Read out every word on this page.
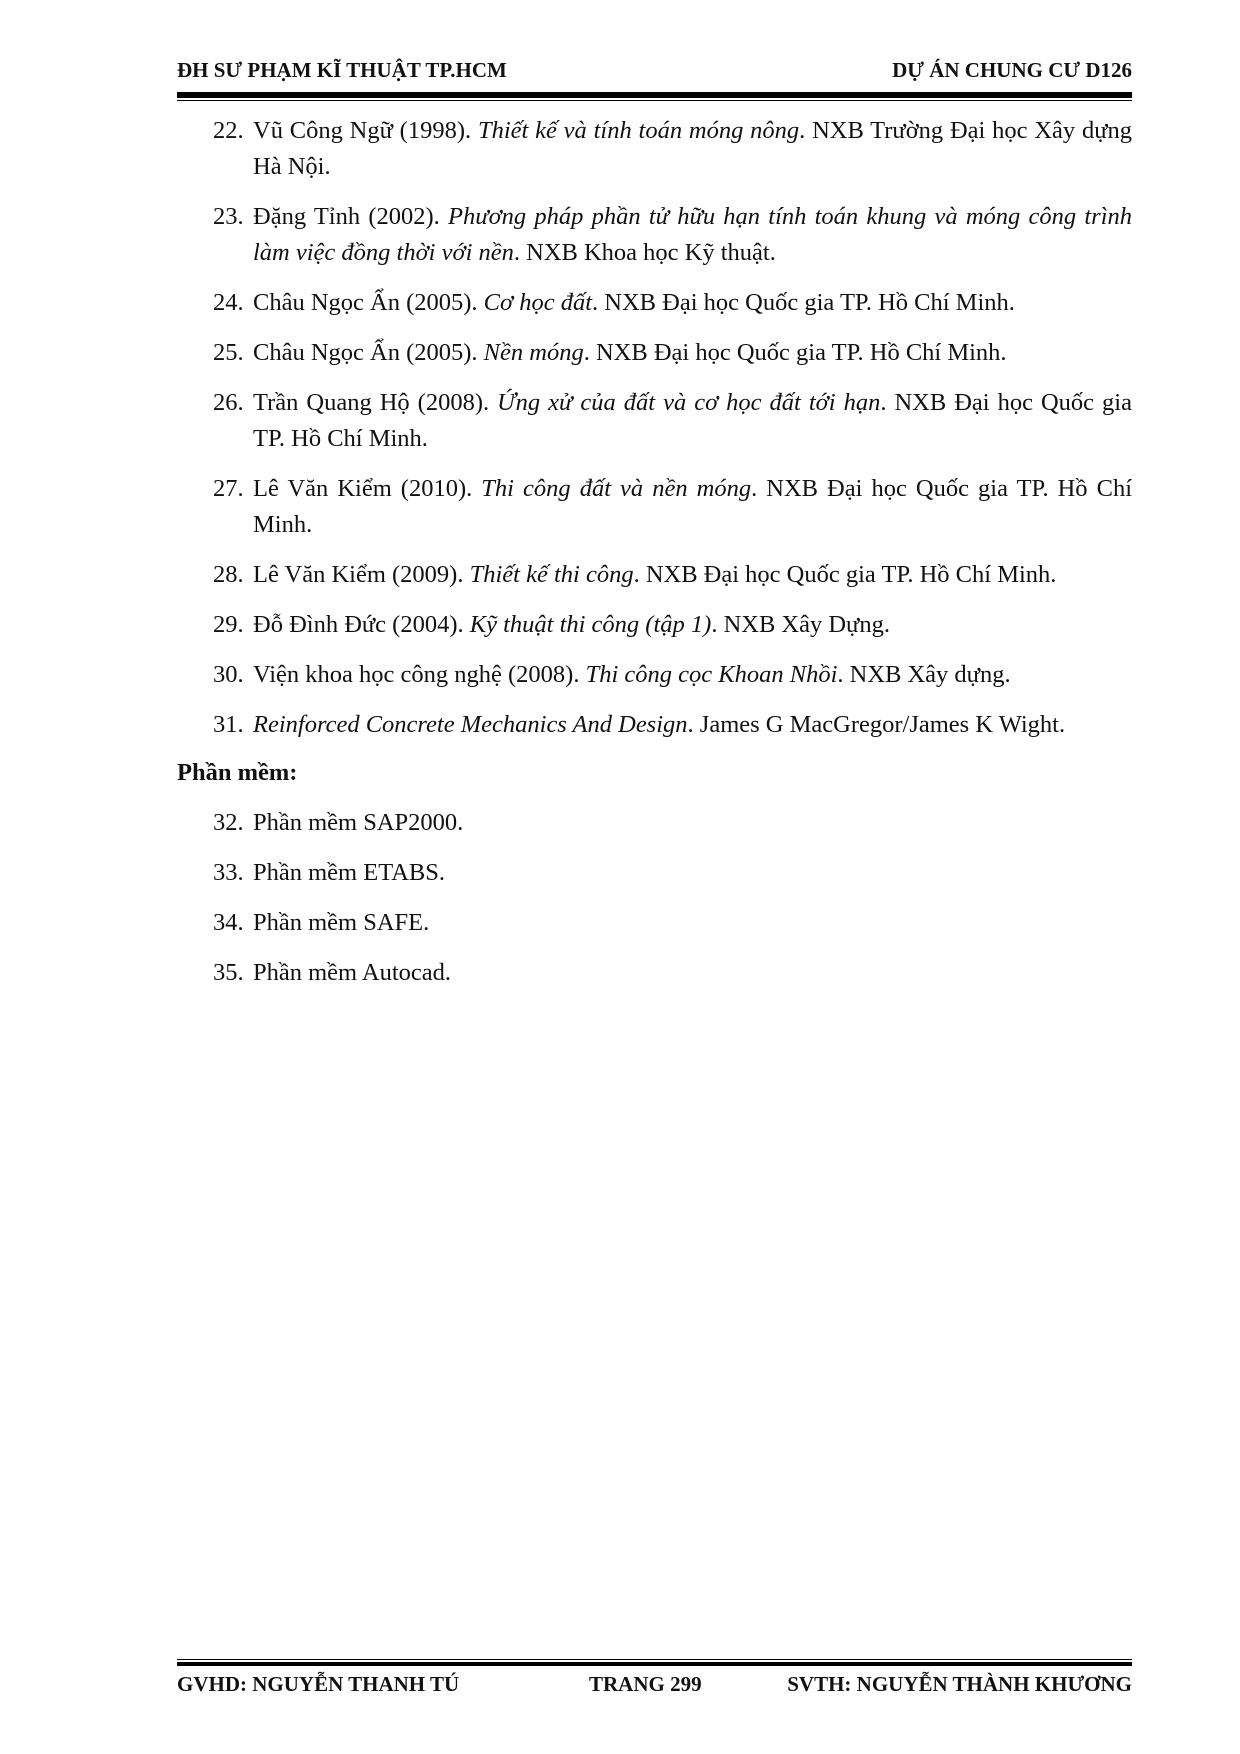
ĐH SƯ PHẠM KĨ THUẬT TP.HCM	DỰ ÁN CHUNG CƯ D126
22. Vũ Công Ngữ (1998). Thiết kế và tính toán móng nông. NXB Trường Đại học Xây dựng Hà Nội.
23. Đặng Tỉnh (2002). Phương pháp phần tử hữu hạn tính toán khung và móng công trình làm việc đồng thời với nền. NXB Khoa học Kỹ thuật.
24. Châu Ngọc Ẩn (2005). Cơ học đất. NXB Đại học Quốc gia TP. Hồ Chí Minh.
25. Châu Ngọc Ẩn (2005). Nền móng. NXB Đại học Quốc gia TP. Hồ Chí Minh.
26. Trần Quang Hộ (2008). Ứng xử của đất và cơ học đất tới hạn. NXB Đại học Quốc gia TP. Hồ Chí Minh.
27. Lê Văn Kiểm (2010). Thi công đất và nền móng. NXB Đại học Quốc gia TP. Hồ Chí Minh.
28. Lê Văn Kiểm (2009). Thiết kế thi công. NXB Đại học Quốc gia TP. Hồ Chí Minh.
29. Đỗ Đình Đức (2004). Kỹ thuật thi công (tập 1). NXB Xây Dựng.
30. Viện khoa học công nghệ (2008). Thi công cọc Khoan Nhồi. NXB Xây dựng.
31. Reinforced Concrete Mechanics And Design. James G MacGregor/James K Wight.
Phần mềm:
32. Phần mềm SAP2000.
33. Phần mềm ETABS.
34. Phần mềm SAFE.
35. Phần mềm Autocad.
GVHD: NGUYỄN THANH TÚ	TRANG 299	SVTH: NGUYỄN THÀNH KHƯƠNG
